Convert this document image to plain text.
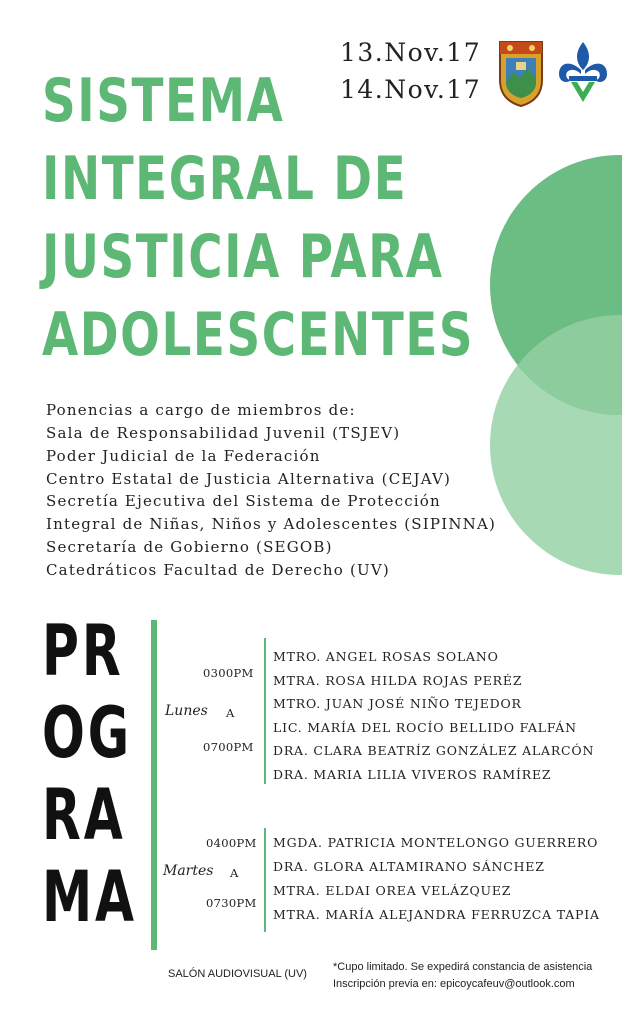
13.Nov.17
14.Nov.17
SISTEMA
INTEGRAL DE
JUSTICIA PARA
ADOLESCENTES
Ponencias a cargo de miembros de:
Sala de Responsabilidad Juvenil (TSJEV)
Poder Judicial de la Federación
Centro Estatal de Justicia Alternativa (CEJAV)
Secretía Ejecutiva del Sistema de Protección
Integral de Niñas, Niños y Adolescentes (SIPINNA)
Secretaría de Gobierno (SEGOB)
Catedráticos Facultad de Derecho (UV)
PR
OG
RA
MA
0300PM
Lunes A
0700PM
MTRO. ANGEL ROSAS SOLANO
MTRA. ROSA HILDA ROJAS PERÉZ
MTRO. JUAN JOSÉ NIÑO TEJEDOR
LIC. MARÍA DEL ROCÍO BELLIDO FALFÁN
DRA. CLARA BEATRÍZ GONZÁLEZ ALARCÓN
DRA. MARIA LILIA VIVEROS RAMÍREZ
0400PM
Martes A
0730PM
MGDA. PATRICIA MONTELONGO GUERRERO
DRA. GLORA ALTAMIRANO SÁNCHEZ
MTRA. ELDAI OREA VELÁZQUEZ
MTRA. MARÍA ALEJANDRA FERRUZCA TAPIA
SALÓN AUDIOVISUAL (UV)
*Cupo limitado. Se expedirá constancia de asistencia
Inscripción previa en: epicoycafeuv@outlook.com
